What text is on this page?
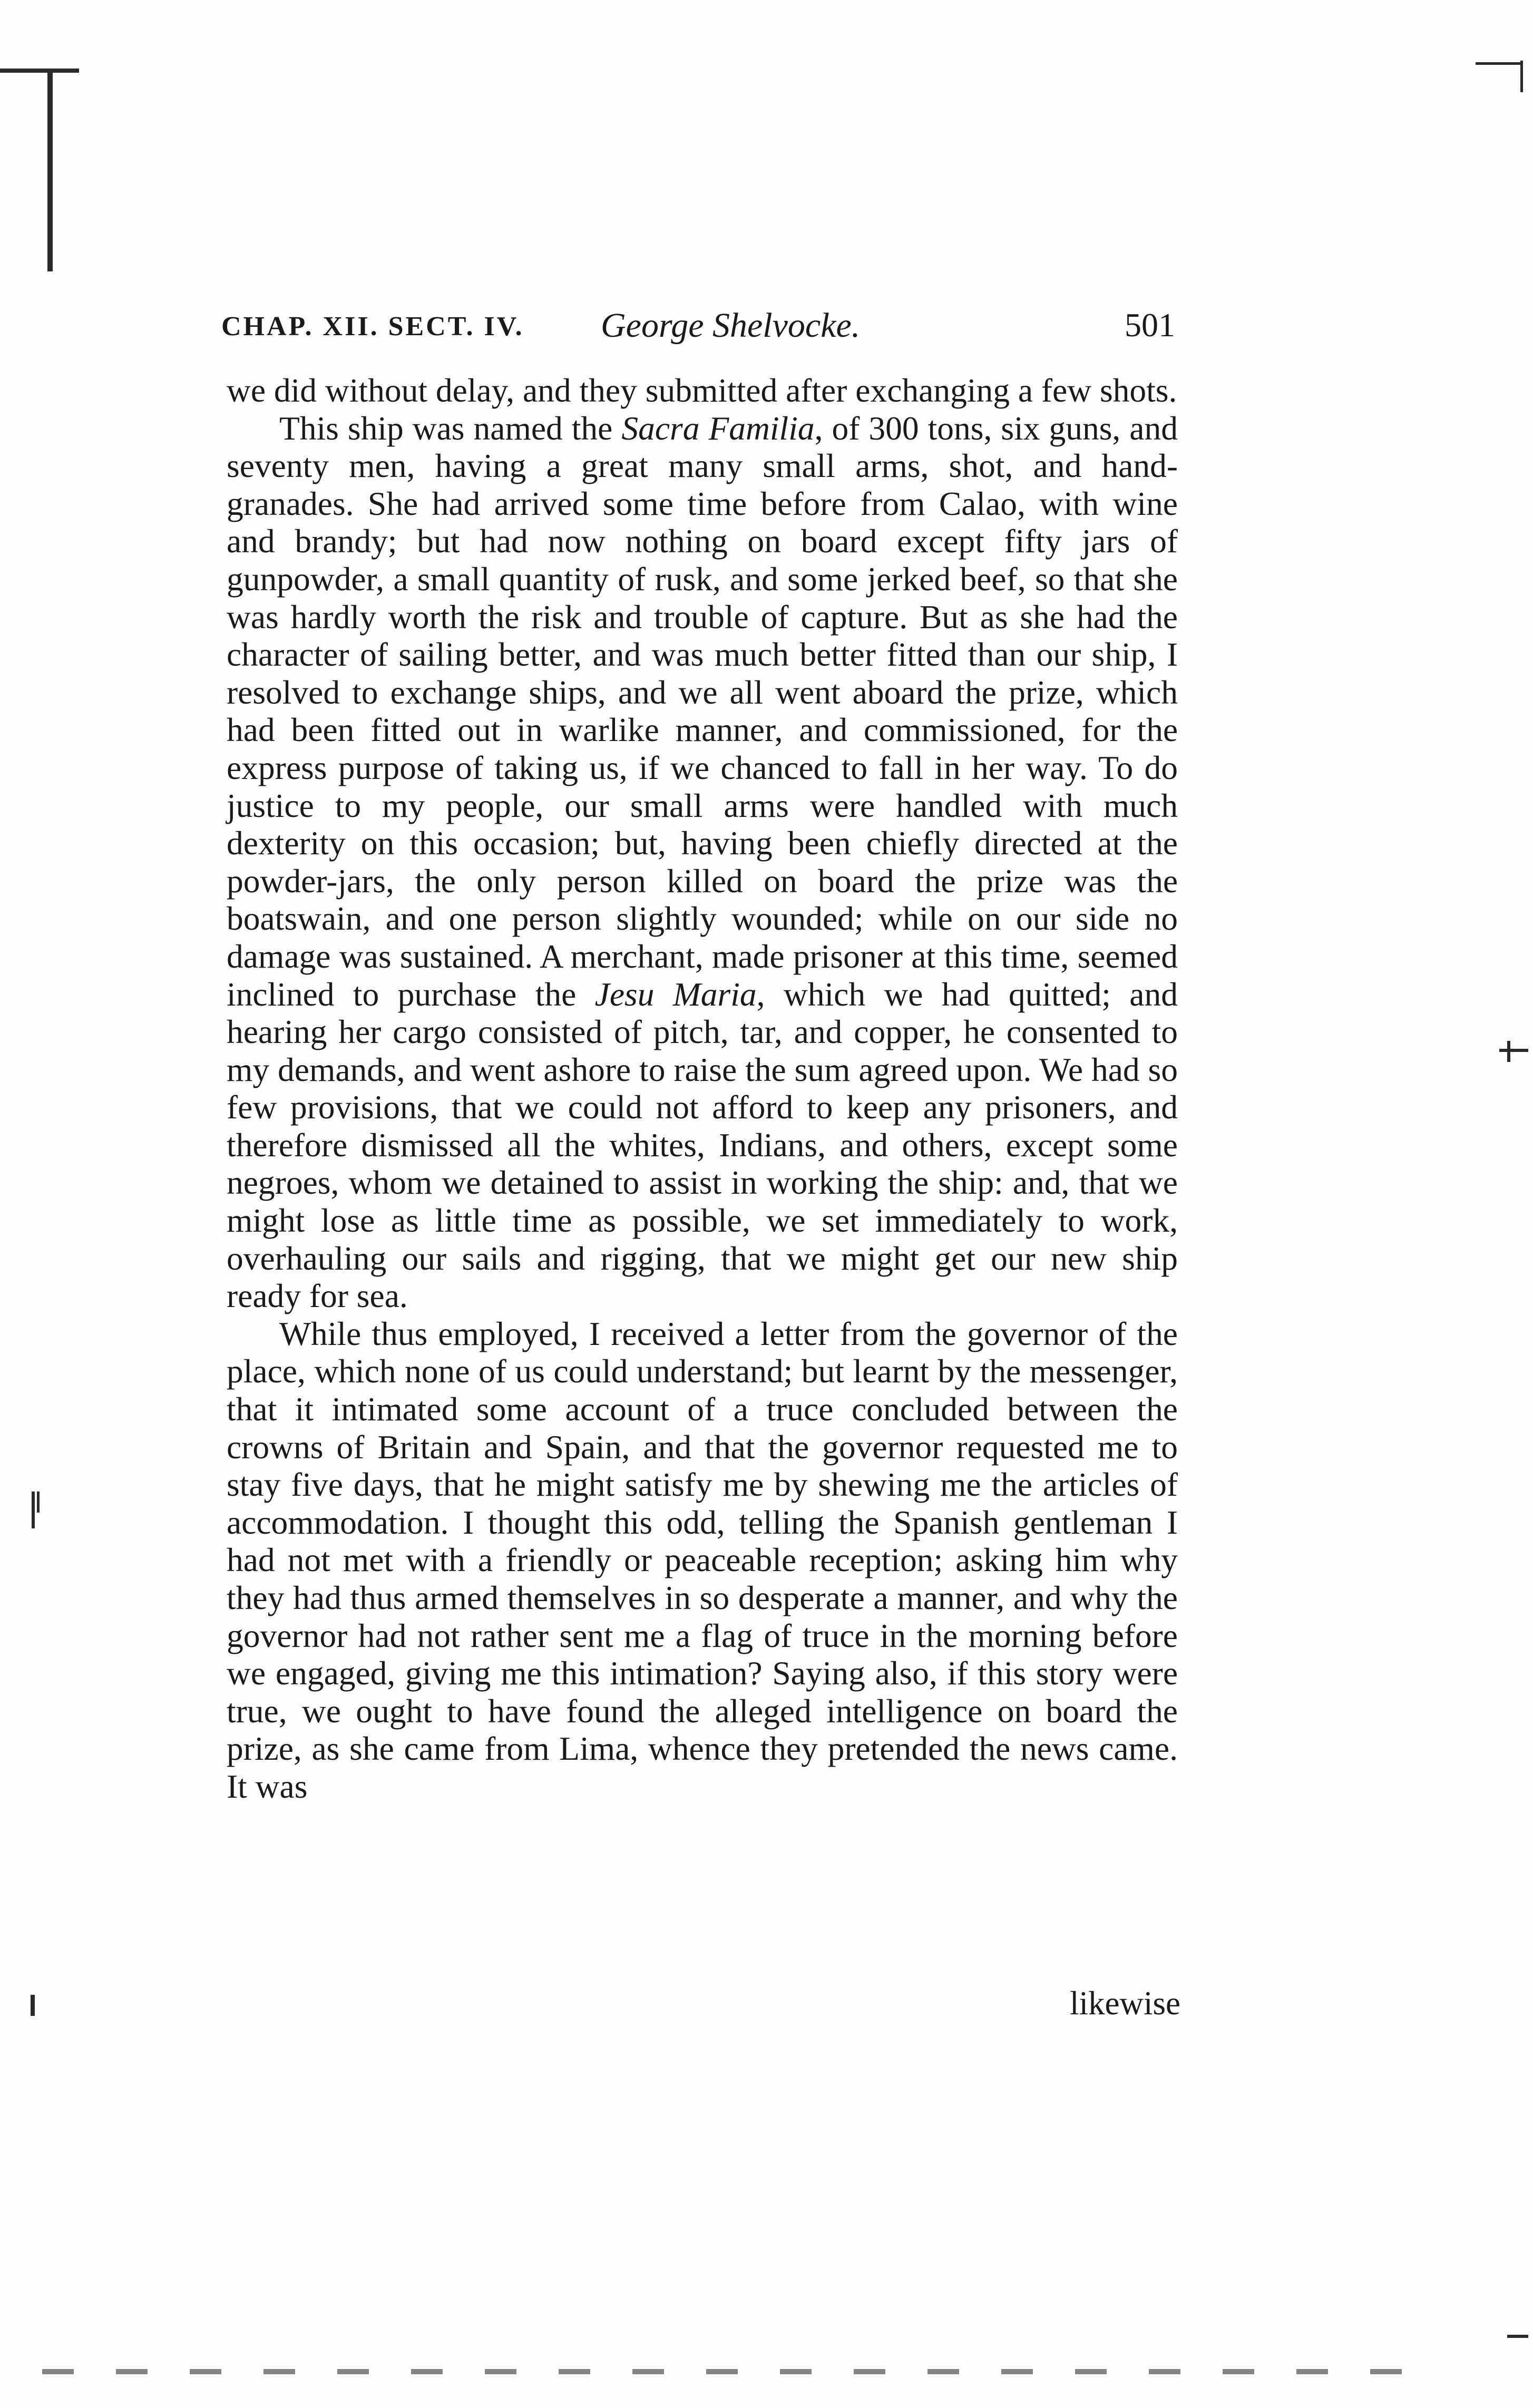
CHAP. XII. SECT. IV. George Shelvocke.	501

we did without delay, and they submitted after exchanging a few shots.

This ship was named the Sacra Familia, of 300 tons, six guns, and seventy men, having a great many small arms, shot, and hand-granades. She had arrived some time before from Calao, with wine and brandy; but had now nothing on board except fifty jars of gunpowder, a small quantity of rusk, and some jerked beef, so that she was hardly worth the risk and trouble of capture. But as she had the character of sailing better, and was much better fitted than our ship, I resolved to exchange ships, and we all went aboard the prize, which had been fitted out in warlike manner, and commissioned, for the express purpose of taking us, if we chanced to fall in her way. To do justice to my people, our small arms were handled with much dexterity on this occasion; but, having been chiefly directed at the powder-jars, the only person killed on board the prize was the boatswain, and one person slightly wounded; while on our side no damage was sustained. A merchant, made prisoner at this time, seemed inclined to purchase the Jesu Maria, which we had quitted; and hearing her cargo consisted of pitch, tar, and copper, he consented to my demands, and went ashore to raise the sum agreed upon. We had so few provisions, that we could not afford to keep any prisoners, and therefore dismissed all the whites, Indians, and others, except some negroes, whom we detained to assist in working the ship: and, that we might lose as little time as possible, we set immediately to work, overhauling our sails and rigging, that we might get our new ship ready for sea.

While thus employed, I received a letter from the governor of the place, which none of us could understand; but learnt by the messenger, that it intimated some account of a truce concluded between the crowns of Britain and Spain, and that the governor requested me to stay five days, that he might satisfy me by shewing me the articles of accommodation. I thought this odd, telling the Spanish gentleman I had not met with a friendly or peaceable reception; asking him why they had thus armed themselves in so desperate a manner, and why the governor had not rather sent me a flag of truce in the morning before we engaged, giving me this intimation? Saying also, if this story were true, we ought to have found the alleged intelligence on board the prize, as she came from Lima, whence they pretended the news came. It was

likewise
